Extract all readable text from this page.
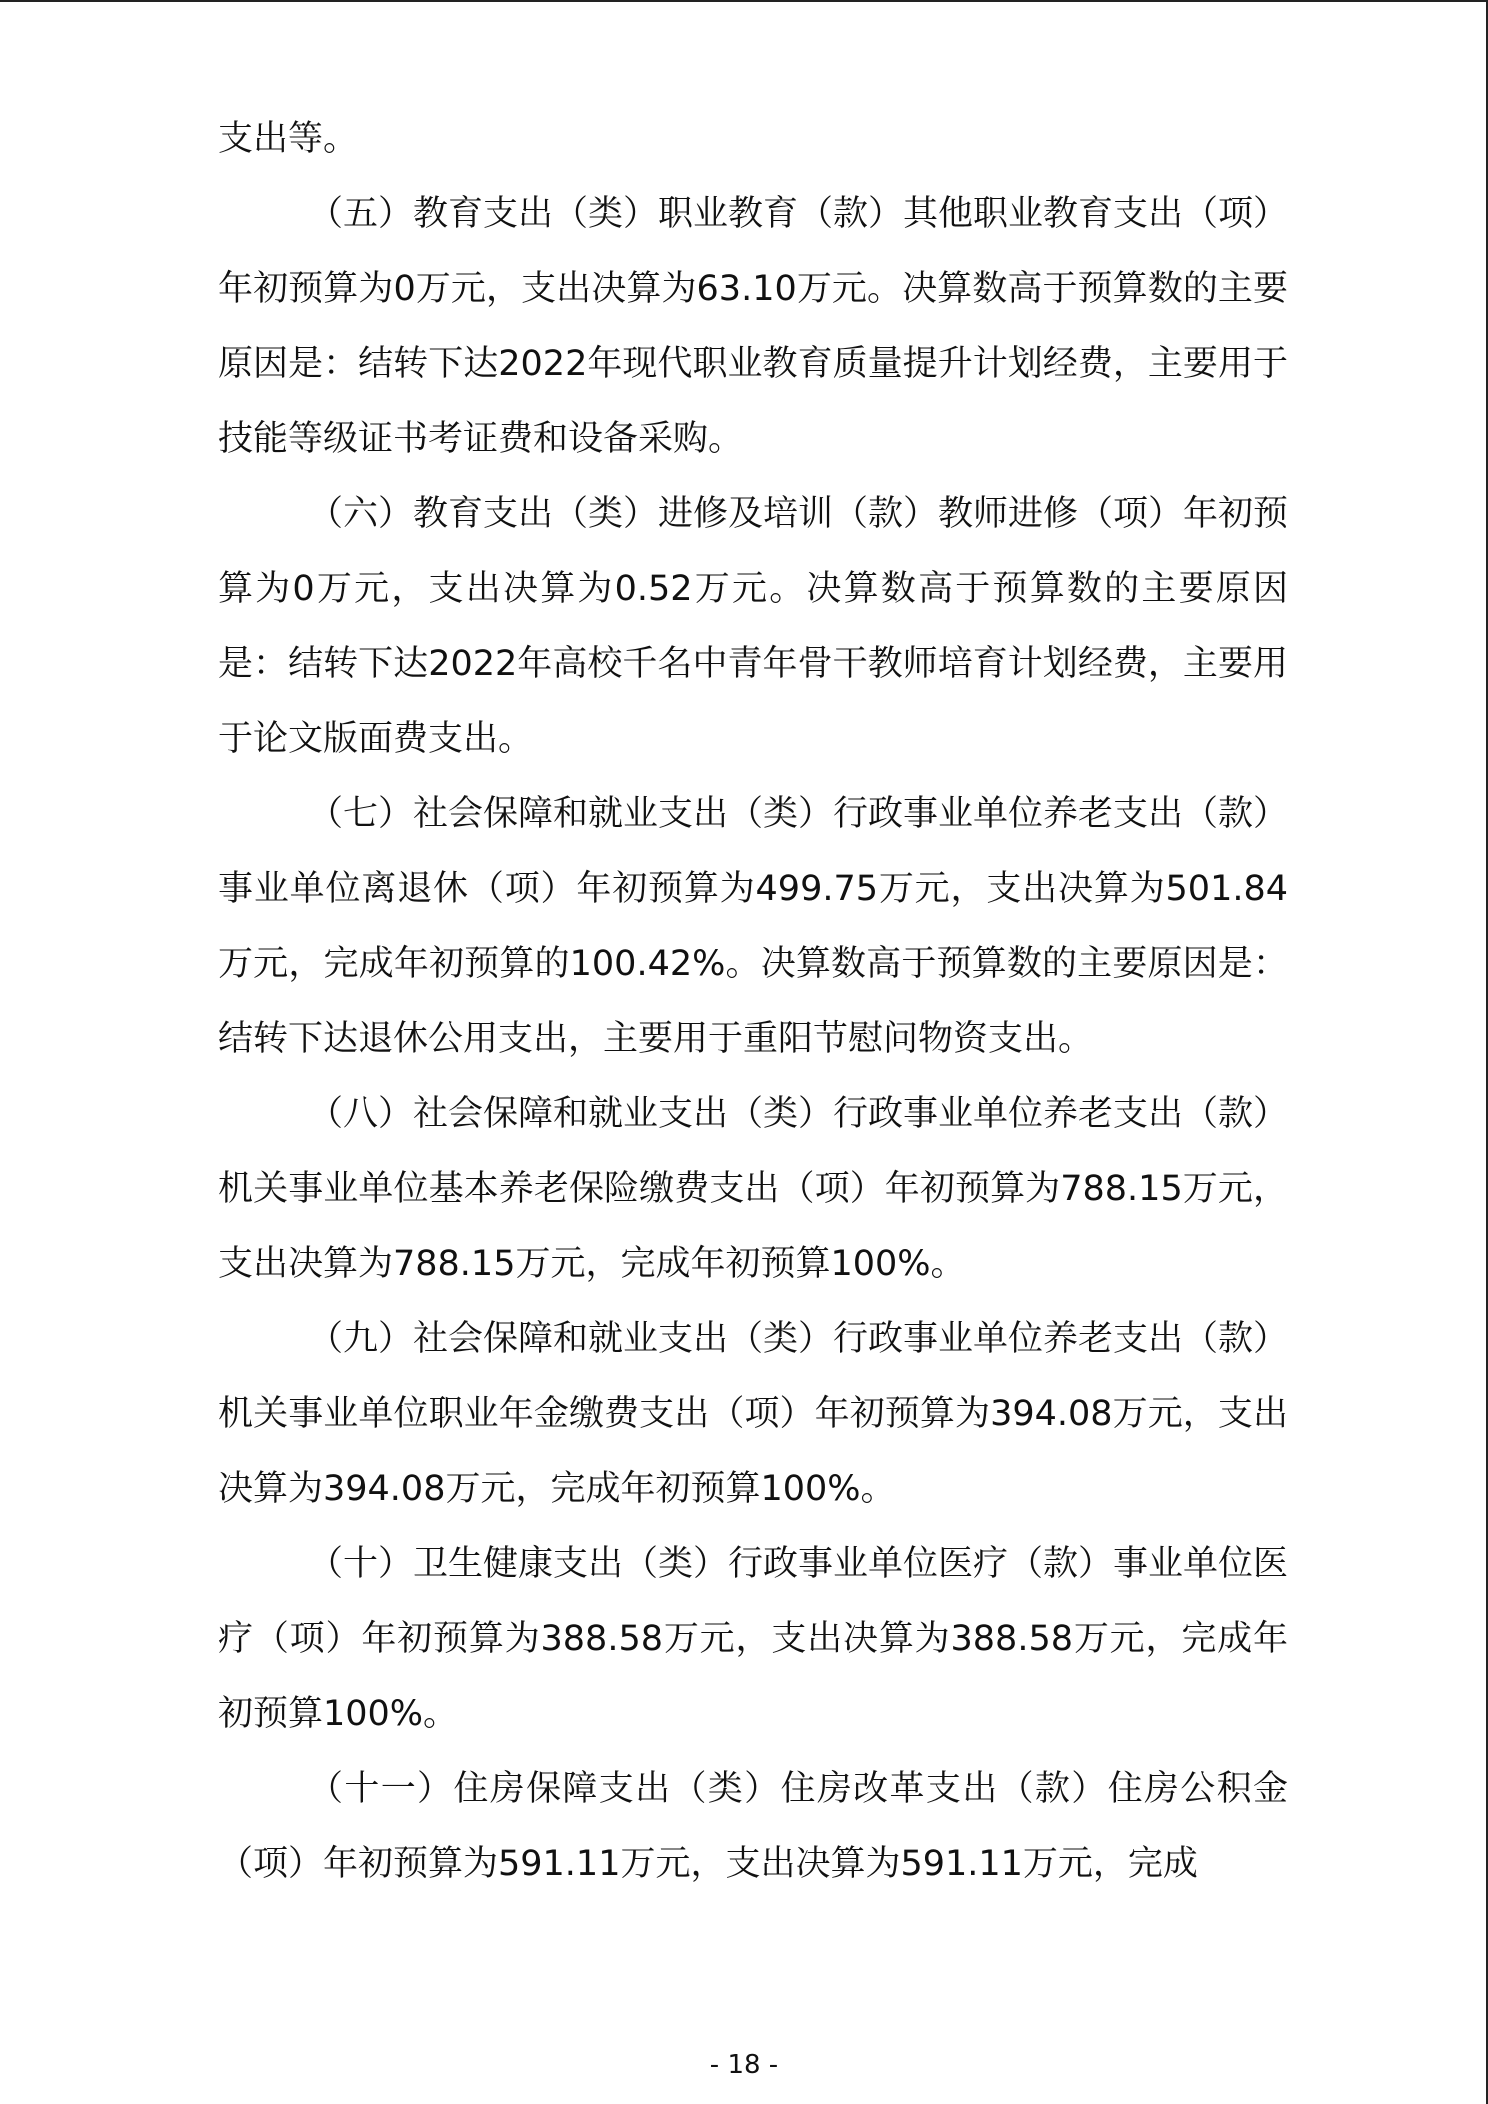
支出等。

（五）教育支出（类）职业教育（款）其他职业教育支出（项）年初预算为0万元，支出决算为63.10万元。决算数高于预算数的主要原因是：结转下达2022年现代职业教育质量提升计划经费，主要用于技能等级证书考证费和设备采购。

（六）教育支出（类）进修及培训（款）教师进修（项）年初预算为0万元，支出决算为0.52万元。决算数高于预算数的主要原因是：结转下达2022年高校千名中青年骨干教师培育计划经费，主要用于论文版面费支出。

（七）社会保障和就业支出（类）行政事业单位养老支出（款）事业单位离退休（项）年初预算为499.75万元，支出决算为501.84万元，完成年初预算的100.42%。决算数高于预算数的主要原因是：结转下达退休公用支出，主要用于重阳节慰问物资支出。

（八）社会保障和就业支出（类）行政事业单位养老支出（款）机关事业单位基本养老保险缴费支出（项）年初预算为788.15万元，支出决算为788.15万元，完成年初预算100%。

（九）社会保障和就业支出（类）行政事业单位养老支出（款）机关事业单位职业年金缴费支出（项）年初预算为394.08万元，支出决算为394.08万元，完成年初预算100%。

（十）卫生健康支出（类）行政事业单位医疗（款）事业单位医疗（项）年初预算为388.58万元，支出决算为388.58万元，完成年初预算100%。

（十一）住房保障支出（类）住房改革支出（款）住房公积金（项）年初预算为591.11万元，支出决算为591.11万元，完成

- 18 -
